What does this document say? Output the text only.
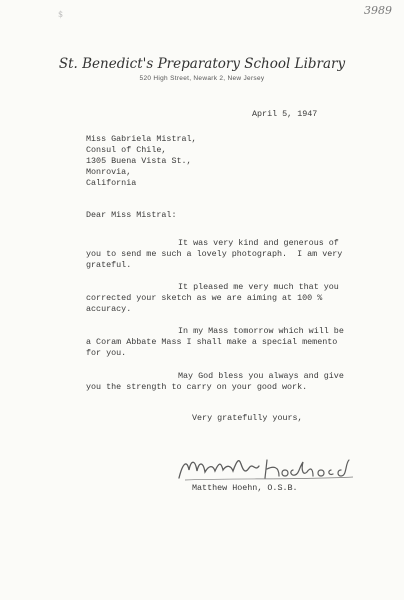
$	3989
St. Benedict's Preparatory School Library
520 High Street, Newark 2, New Jersey
April 5, 1947
Miss Gabriela Mistral,
Consul of Chile,
1305 Buena Vista St.,
Monrovia,
California
Dear Miss Mistral:
It was very kind and generous of
you to send me such a lovely photograph.  I am very
grateful.
It pleased me very much that you
corrected your sketch as we are aiming at 100 %
accuracy.
In my Mass tomorrow which will be
a Coram Abbate Mass I shall make a special memento
for you.
May God bless you always and give
you the strength to carry on your good work.
Very gratefully yours,
Matthew Hoehn, O.S.B.
